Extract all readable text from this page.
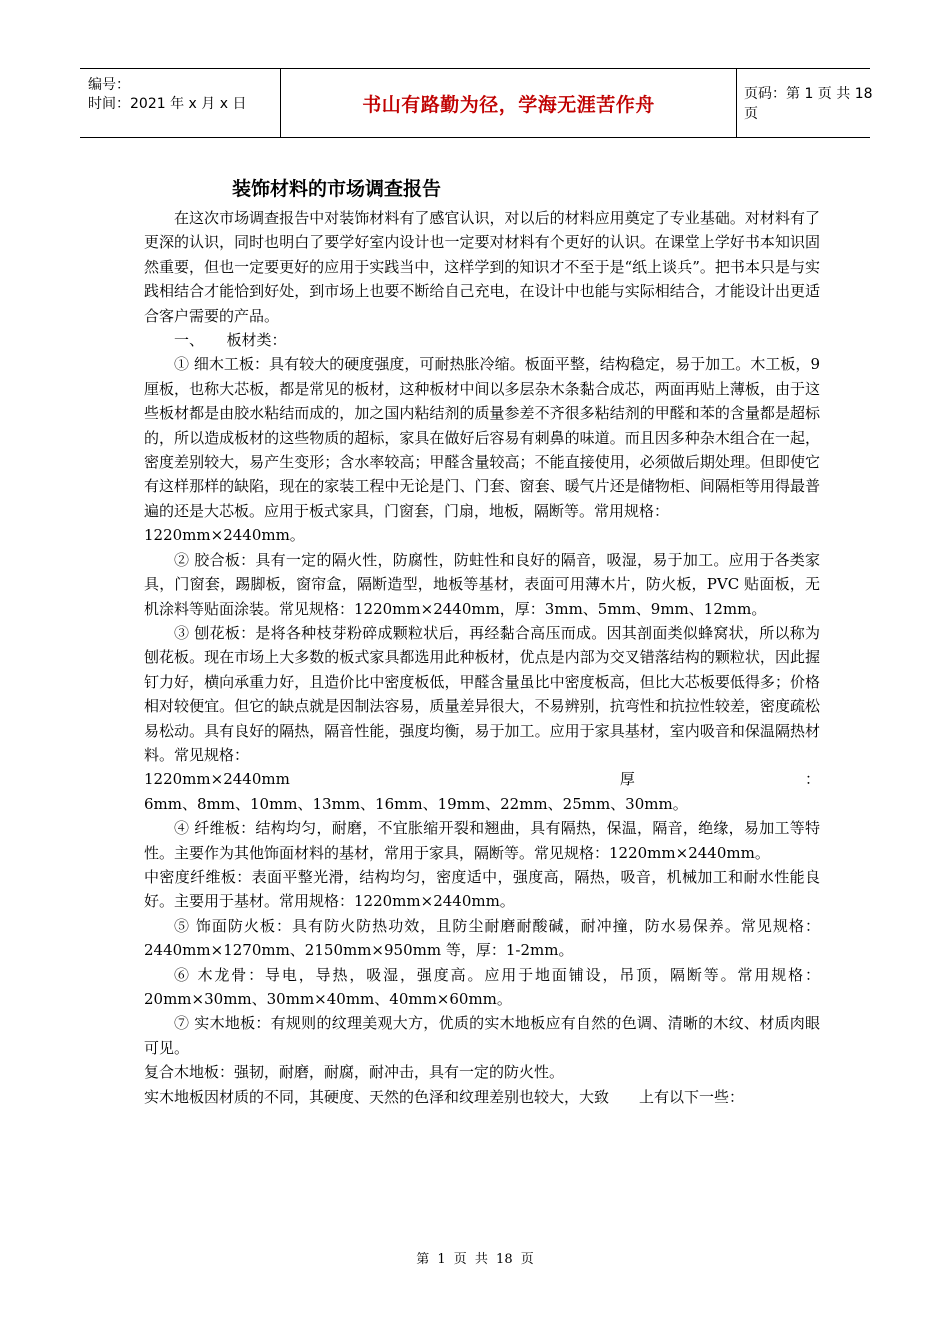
编号：
时间：2021 年 x 月 x 日	书山有路勤为径，学海无涯苦作舟	页码：第 1 页 共 18 页
装饰材料的市场调查报告

在这次市场调查报告中对装饰材料有了感官认识，对以后的材料应用奠定了专业基础。对材料有了更深的认识，同时也明白了要学好室内设计也一定要对材料有个更好的认识。在课堂上学好书本知识固然重要，但也一定要更好的应用于实践当中，这样学到的知识才不至于是“纸上谈兵”。把书本只是与实践相结合才能恰到好处，到市场上也要不断给自己充电，在设计中也能与实际相结合，才能设计出更适合客户需要的产品。

一、　　板材类：

① 细木工板：具有较大的硬度强度，可耐热胀冷缩。板面平整，结构稳定，易于加工。木工板，9 厘板，也称大芯板，都是常见的板材，这种板材中间以多层杂木条黏合成芯，两面再贴上薄板，由于这些板材都是由胶水粘结而成的，加之国内粘结剂的质量参差不齐很多粘结剂的甲醛和苯的含量都是超标的，所以造成板材的这些物质的超标，家具在做好后容易有刺鼻的味道。而且因多种杂木组合在一起，密度差别较大，易产生变形；含水率较高；甲醛含量较高；不能直接使用，必须做后期处理。但即使它有这样那样的缺陷，现在的家装工程中无论是门、门套、窗套、暖气片还是储物柜、间隔柜等用得最普遍的还是大芯板。应用于板式家具，门窗套，门扇，地板，隔断等。常用规格：

1220mm×2440mm。

② 胶合板：具有一定的隔火性，防腐性，防蛀性和良好的隔音，吸湿，易于加工。应用于各类家具，门窗套，踢脚板，窗帘盒，隔断造型，地板等基材，表面可用薄木片，防火板，PVC 贴面板，无机涂料等贴面涂装。常见规格：1220mm×2440mm，厚：3mm、5mm、9mm、12mm。

③ 刨花板：是将各种枝芽粉碎成颗粒状后，再经黏合高压而成。因其剖面类似蜂窝状，所以称为刨花板。现在市场上大多数的板式家具都选用此种板材，优点是内部为交叉错落结构的颗粒状，因此握钉力好，横向承重力好，且造价比中密度板低，甲醛含量虽比中密度板高，但比大芯板要低得多；价格相对较便宜。但它的缺点就是因制法容易，质量差异很大，不易辨别，抗弯性和抗拉性较差，密度疏松易松动。具有良好的隔热，隔音性能，强度均衡，易于加工。应用于家具基材，室内吸音和保温隔热材料。常见规格：

1220mm×2440mm	厚	：

6mm、8mm、10mm、13mm、16mm、19mm、22mm、25mm、30mm。

④ 纤维板：结构均匀，耐磨，不宜胀缩开裂和翘曲，具有隔热，保温，隔音，绝缘，易加工等特性。主要作为其他饰面材料的基材，常用于家具，隔断等。常见规格：1220mm×2440mm。

中密度纤维板：表面平整光滑，结构均匀，密度适中，强度高，隔热，吸音，机械加工和耐水性能良好。主要用于基材。常用规格：1220mm×2440mm。

⑤ 饰面防火板：具有防火防热功效，且防尘耐磨耐酸碱，耐冲撞，防水易保养。常见规格：2440mm×1270mm、2150mm×950mm 等，厚：1-2mm。

⑥ 木龙骨：导电，导热，吸湿，强度高。应用于地面铺设，吊顶，隔断等。常用规格：20mm×30mm、30mm×40mm、40mm×60mm。

⑦ 实木地板：有规则的纹理美观大方，优质的实木地板应有自然的色调、清晰的木纹、材质肉眼可见。

复合木地板：强韧，耐磨，耐腐，耐冲击，具有一定的防火性。

实木地板因材质的不同，其硬度、天然的色泽和纹理差别也较大，大致　　上有以下一些：

第 1 页 共 18 页
